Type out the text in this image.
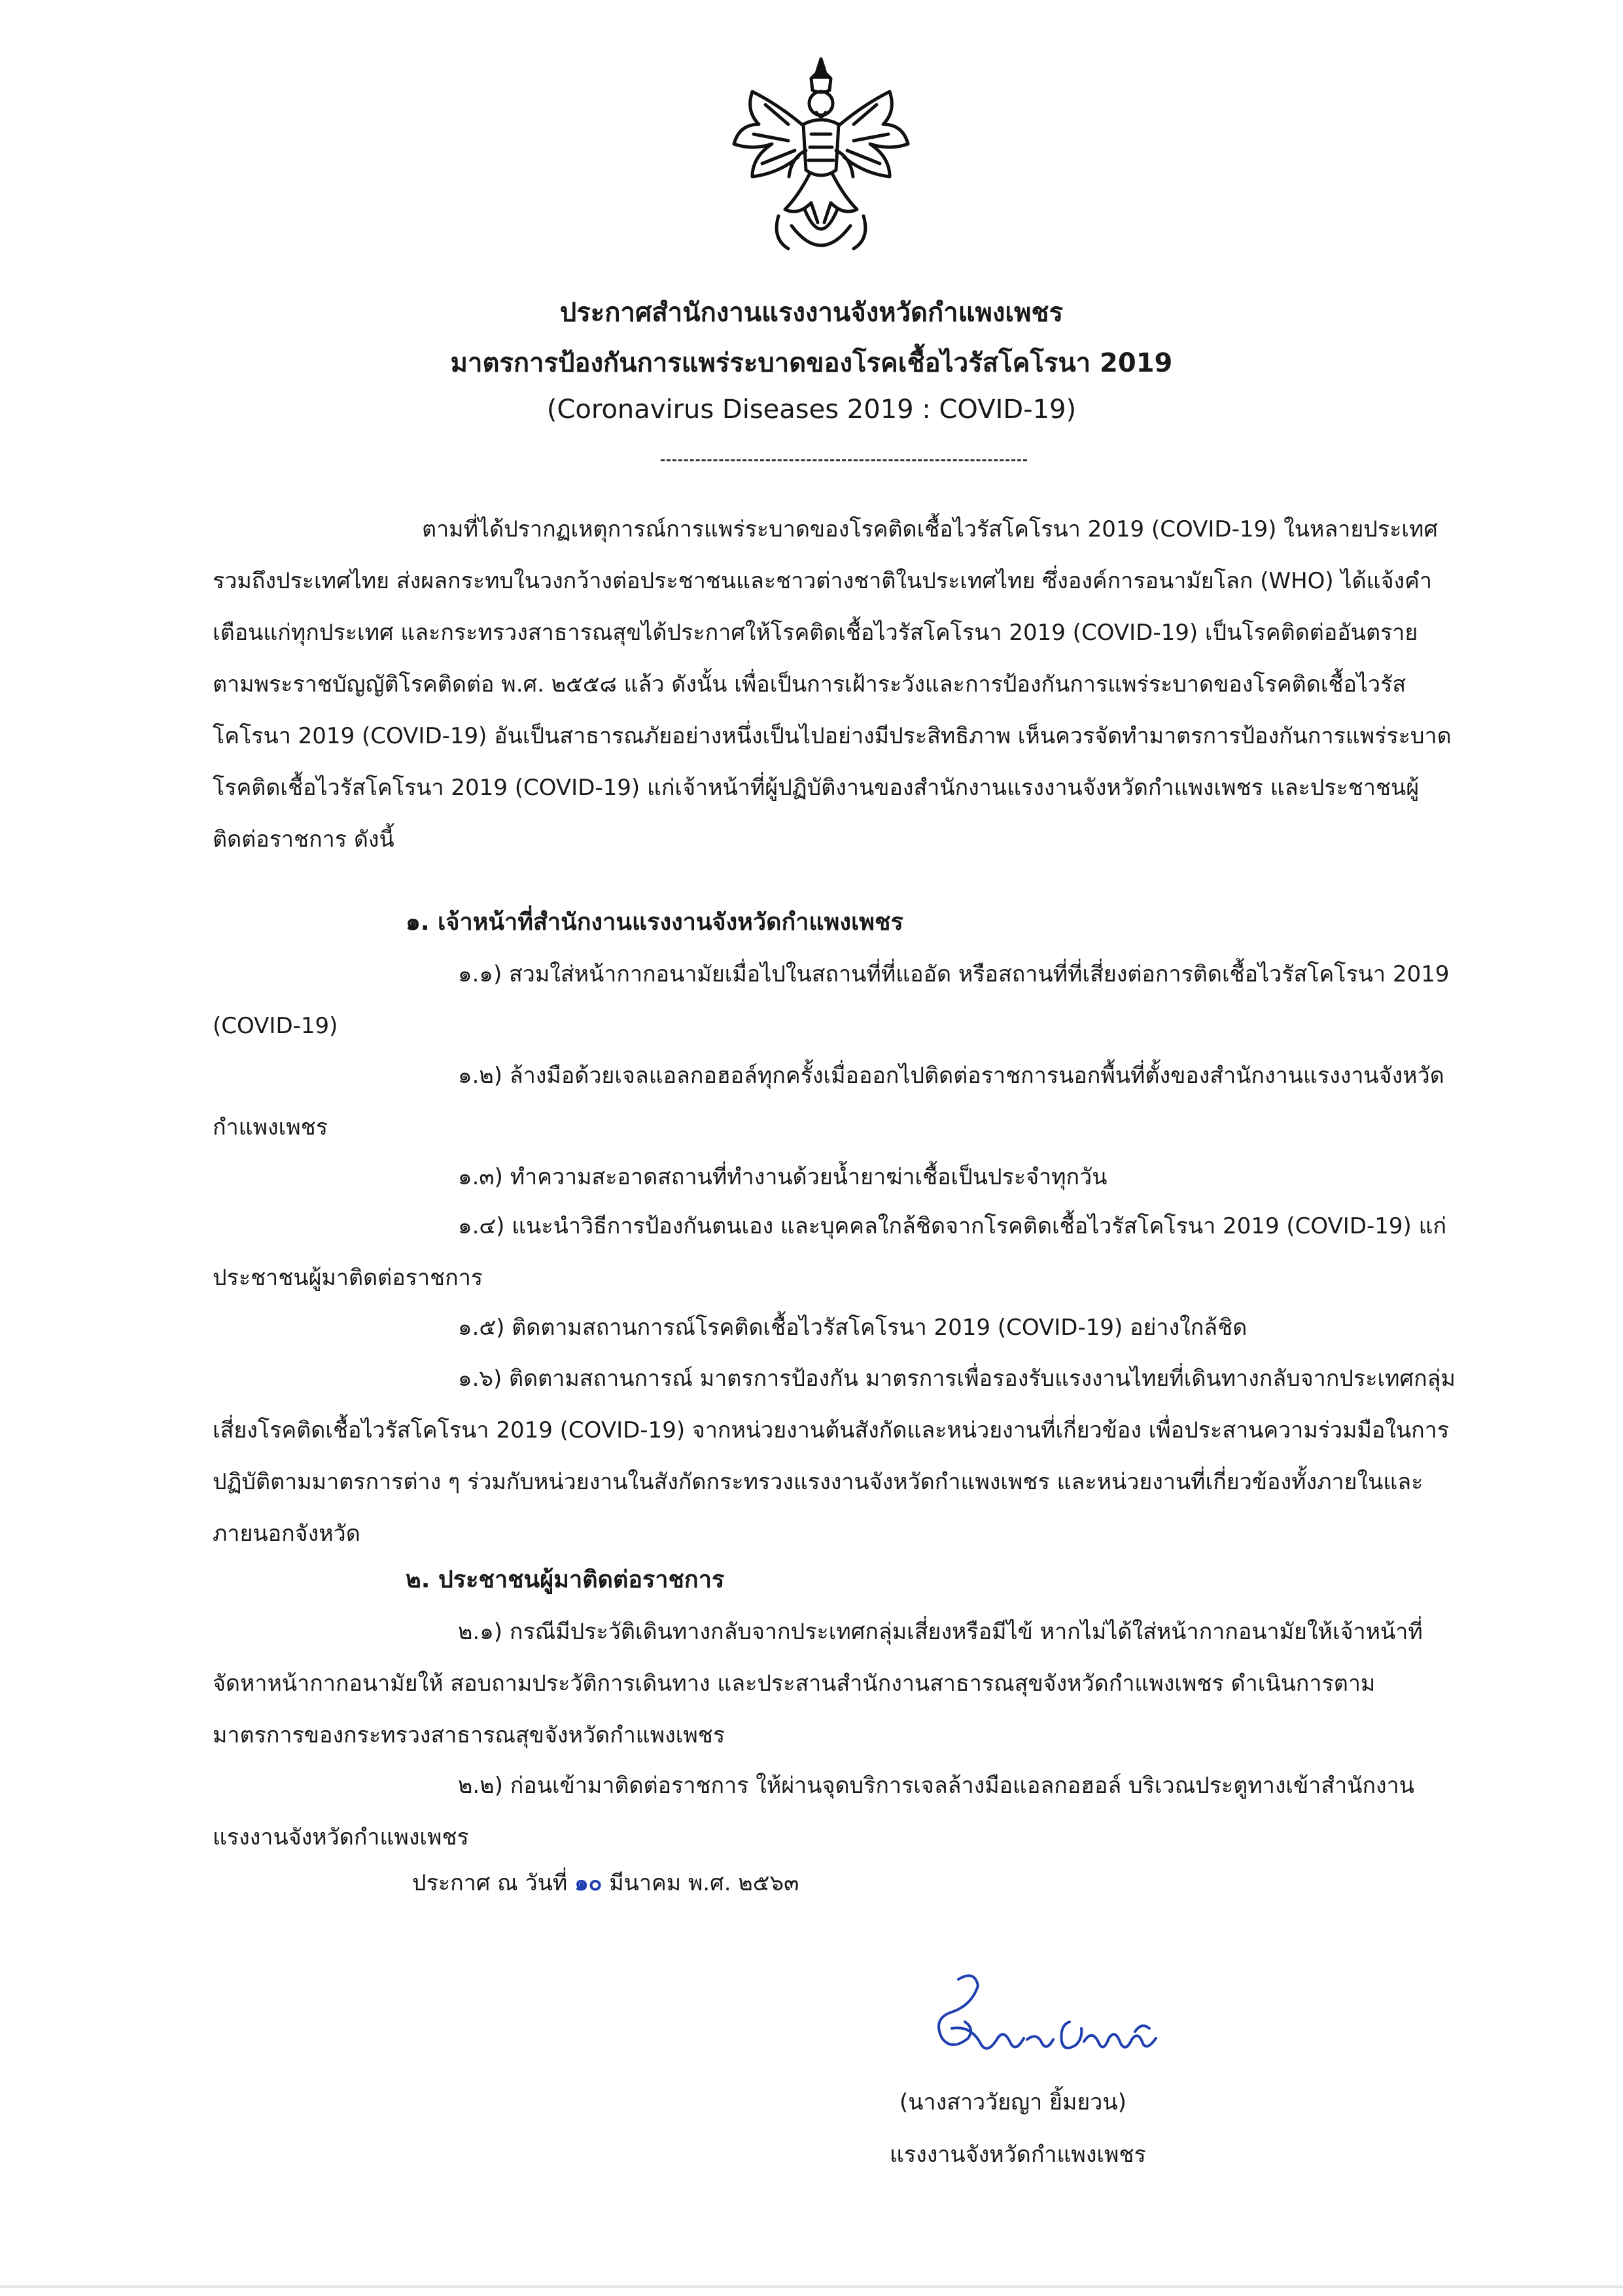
ประกาศสำนักงานแรงงานจังหวัดกำแพงเพชร
มาตรการป้องกันการแพร่ระบาดของโรคเชื้อไวรัสโคโรนา 2019
(Coronavirus Diseases 2019 : COVID-19)
ตามที่ได้ปรากฏเหตุการณ์การแพร่ระบาดของโรคติดเชื้อไวรัสโคโรนา 2019 (COVID-19) ในหลายประเทศรวมถึงประเทศไทย ส่งผลกระทบในวงกว้างต่อประชาชนและชาวต่างชาติในประเทศไทย ซึ่งองค์การอนามัยโลก (WHO) ได้แจ้งคำเตือนแก่ทุกประเทศ และกระทรวงสาธารณสุขได้ประกาศให้โรคติดเชื้อไวรัสโคโรนา 2019 (COVID-19) เป็นโรคติดต่ออันตรายตามพระราชบัญญัติโรคติดต่อ พ.ศ. ๒๕๕๘ แล้ว ดังนั้น เพื่อเป็นการเฝ้าระวังและการป้องกันการแพร่ระบาดของโรคติดเชื้อไวรัสโคโรนา 2019 (COVID-19) อันเป็นสาธารณภัยอย่างหนึ่งเป็นไปอย่างมีประสิทธิภาพ เห็นควรจัดทำมาตรการป้องกันการแพร่ระบาดโรคติดเชื้อไวรัสโคโรนา 2019 (COVID-19) แก่เจ้าหน้าที่ผู้ปฏิบัติงานของสำนักงานแรงงานจังหวัดกำแพงเพชร และประชาชนผู้ติดต่อราชการ ดังนี้
๑. เจ้าหน้าที่สำนักงานแรงงานจังหวัดกำแพงเพชร
๑.๑) สวมใส่หน้ากากอนามัยเมื่อไปในสถานที่ที่แออัด หรือสถานที่ที่เสี่ยงต่อการติดเชื้อไวรัสโคโรนา 2019 (COVID-19)
๑.๒) ล้างมือด้วยเจลแอลกอฮอล์ทุกครั้งเมื่อออกไปติดต่อราชการนอกพื้นที่ตั้งของสำนักงานแรงงานจังหวัดกำแพงเพชร
๑.๓) ทำความสะอาดสถานที่ทำงานด้วยน้ำยาฆ่าเชื้อเป็นประจำทุกวัน
๑.๔) แนะนำวิธีการป้องกันตนเอง และบุคคลใกล้ชิดจากโรคติดเชื้อไวรัสโคโรนา 2019 (COVID-19) แก่ประชาชนผู้มาติดต่อราชการ
๑.๕) ติดตามสถานการณ์โรคติดเชื้อไวรัสโคโรนา 2019 (COVID-19) อย่างใกล้ชิด
๑.๖) ติดตามสถานการณ์ มาตรการป้องกัน มาตรการเพื่อรองรับแรงงานไทยที่เดินทางกลับจากประเทศกลุ่มเสี่ยงโรคติดเชื้อไวรัสโคโรนา 2019 (COVID-19) จากหน่วยงานต้นสังกัดและหน่วยงานที่เกี่ยวข้อง เพื่อประสานความร่วมมือในการปฏิบัติตามมาตรการต่าง ๆ ร่วมกับหน่วยงานในสังกัดกระทรวงแรงงานจังหวัดกำแพงเพชร และหน่วยงานที่เกี่ยวข้องทั้งภายในและภายนอกจังหวัด
๒. ประชาชนผู้มาติดต่อราชการ
๒.๑) กรณีมีประวัติเดินทางกลับจากประเทศกลุ่มเสี่ยงหรือมีไข้ หากไม่ได้ใส่หน้ากากอนามัยให้เจ้าหน้าที่จัดหาหน้ากากอนามัยให้ สอบถามประวัติการเดินทาง และประสานสำนักงานสาธารณสุขจังหวัดกำแพงเพชร ดำเนินการตามมาตรการของกระทรวงสาธารณสุขจังหวัดกำแพงเพชร
๒.๒) ก่อนเข้ามาติดต่อราชการ ให้ผ่านจุดบริการเจลล้างมือแอลกอฮอล์ บริเวณประตูทางเข้าสำนักงานแรงงานจังหวัดกำแพงเพชร
ประกาศ ณ วันที่ ๑๐ มีนาคม พ.ศ. ๒๕๖๓
(นางสาววัยญา ยิ้มยวน)
แรงงานจังหวัดกำแพงเพชร
